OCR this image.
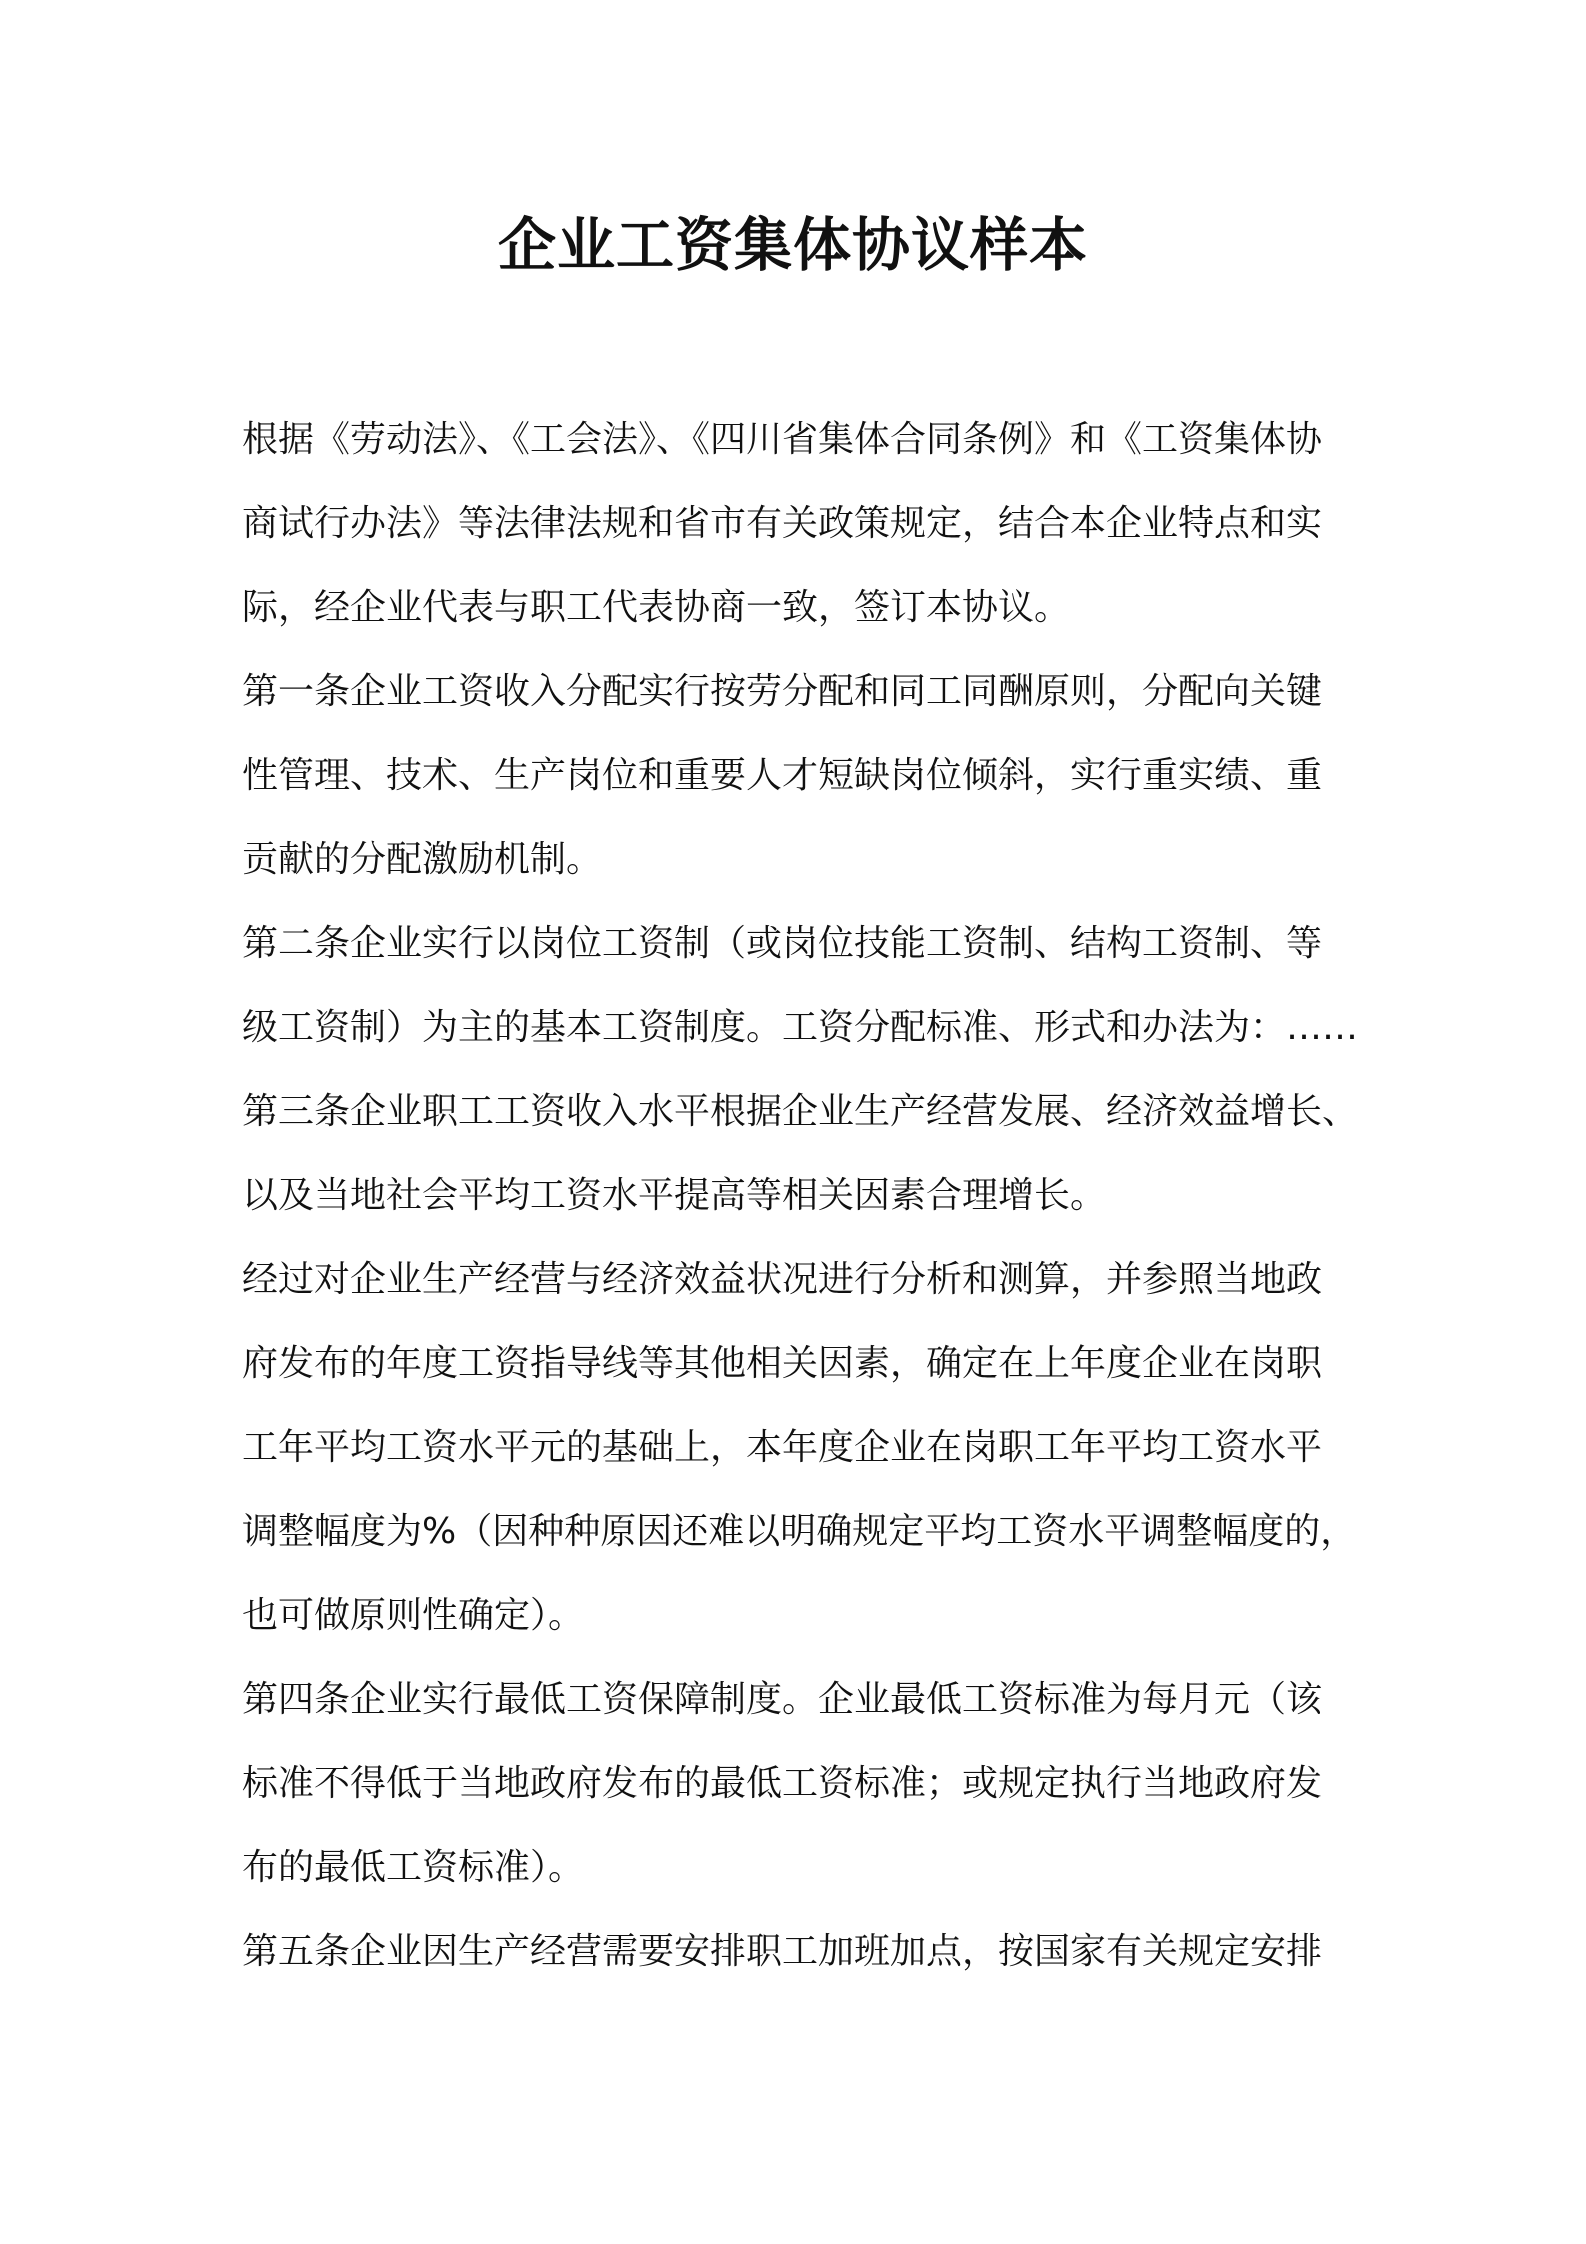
企业工资集体协议样本
根据《劳动法》、《工会法》、《四川省集体合同条例》和《工资集体协
商试行办法》等法律法规和省市有关政策规定，结合本企业特点和实
际，经企业代表与职工代表协商一致，签订本协议。
第一条企业工资收入分配实行按劳分配和同工同酬原则，分配向关键
性管理、技术、生产岗位和重要人才短缺岗位倾斜，实行重实绩、重
贡献的分配激励机制。
第二条企业实行以岗位工资制（或岗位技能工资制、结构工资制、等
级工资制）为主的基本工资制度。工资分配标准、形式和办法为：……
第三条企业职工工资收入水平根据企业生产经营发展、经济效益增长、
以及当地社会平均工资水平提高等相关因素合理增长。
经过对企业生产经营与经济效益状况进行分析和测算，并参照当地政
府发布的年度工资指导线等其他相关因素，确定在上年度企业在岗职
工年平均工资水平元的基础上，本年度企业在岗职工年平均工资水平
调整幅度为%（因种种原因还难以明确规定平均工资水平调整幅度的，
也可做原则性确定）。
第四条企业实行最低工资保障制度。企业最低工资标准为每月元（该
标准不得低于当地政府发布的最低工资标准；或规定执行当地政府发
布的最低工资标准）。
第五条企业因生产经营需要安排职工加班加点，按国家有关规定安排
